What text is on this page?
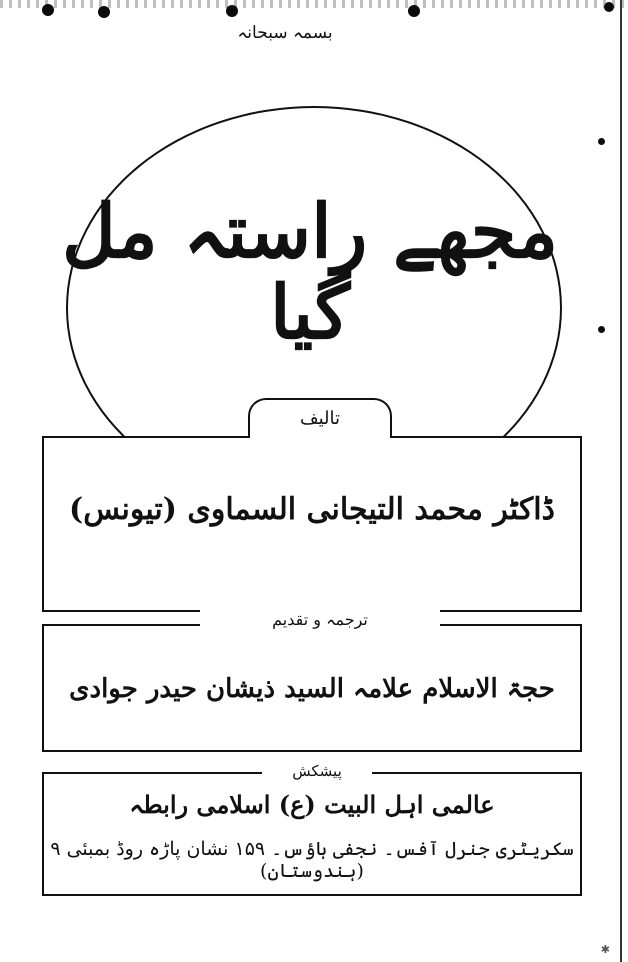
بسمہ سبحانہ
مجھے راستہ مل گیا
تالیف
ڈاکٹر محمد التیجانی السماوی (تیونس)
ترجمہ و تقدیم
حجۃ الاسلام علامہ السید ذیشان حیدر جوادی
پیشکش
عالمی اہل البیت (ع) اسلامی رابطہ
سکریٹری جنرل آفس۔ نجفی ہاؤس۔ ۱۵۹ نشان پاڑہ روڈ بمبئی ۹ (ہندوستان)
✱
